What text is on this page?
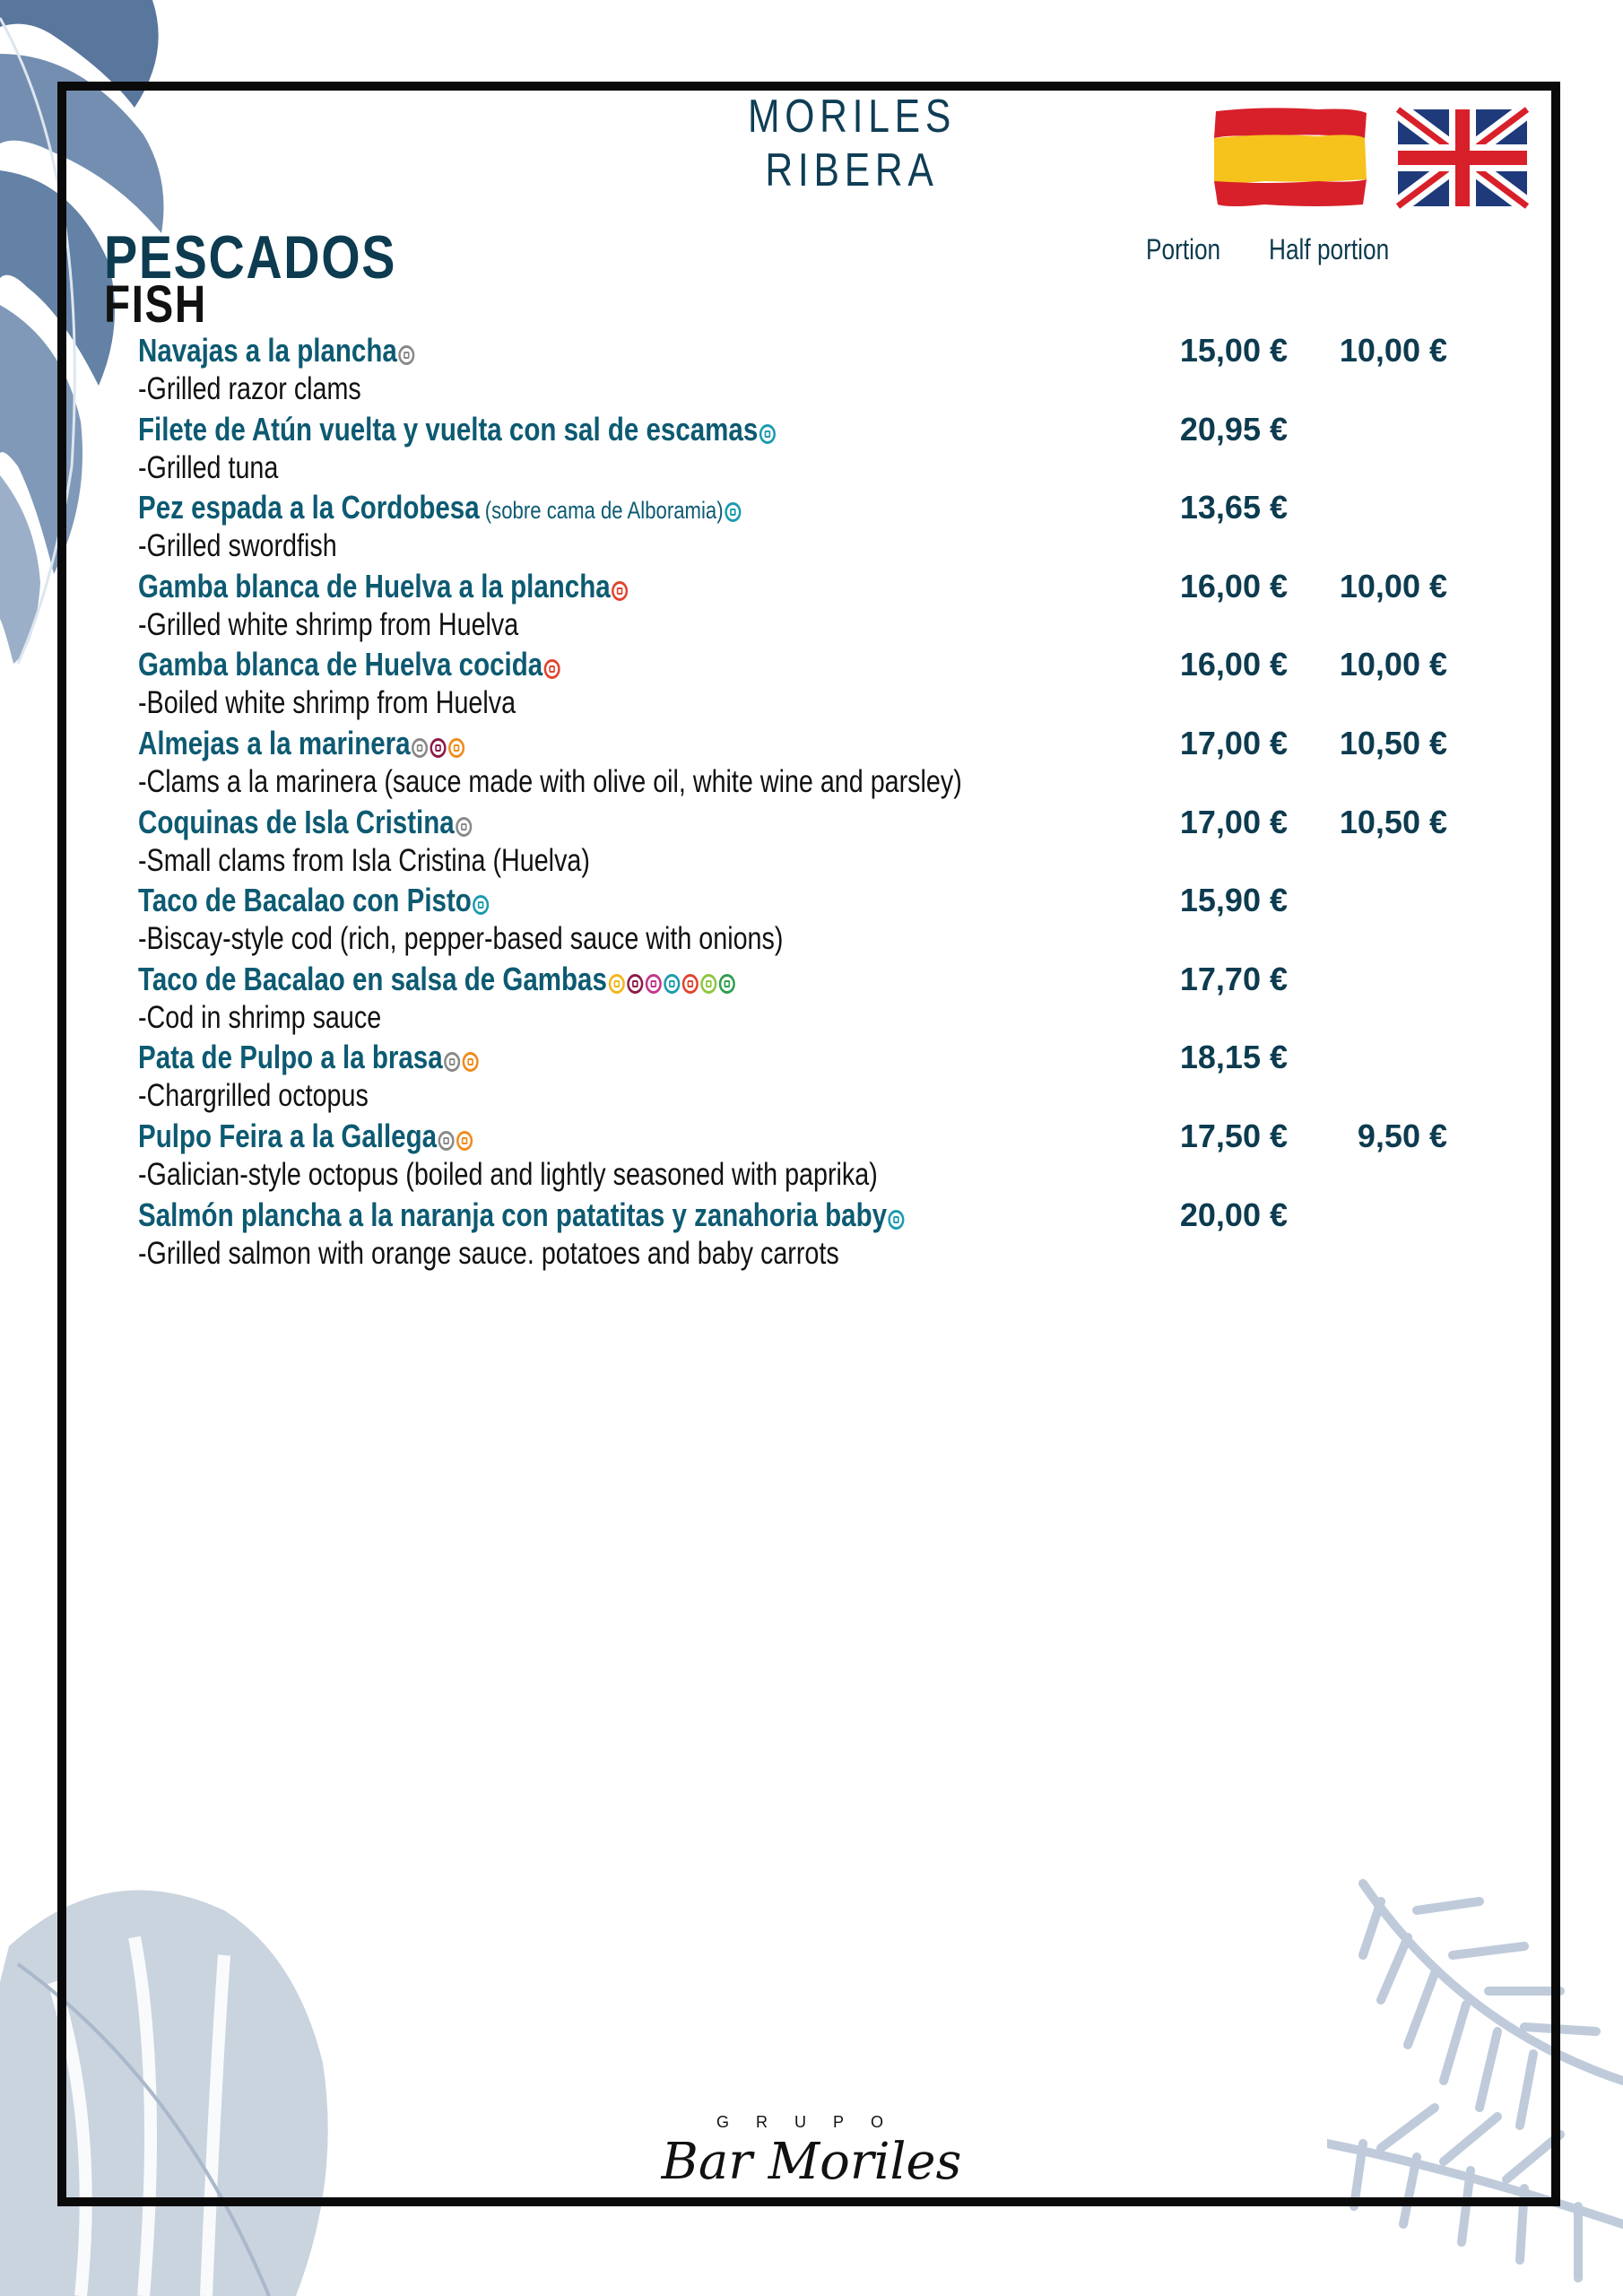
MORILES RIBERA
PESCADOS
FISH
Portion Half portion
Navajas a la plancha
-Grilled razor clams
15,00 €	10,00 €
Filete de Atún vuelta y vuelta con sal de escamas
-Grilled tuna
20,95 €
Pez espada a la Cordobesa (sobre cama de Alboramia)
-Grilled swordfish
13,65 €
Gamba blanca de Huelva a la plancha
-Grilled white shrimp from Huelva
16,00 €	10,00 €
Gamba blanca de Huelva cocida
-Boiled white shrimp from Huelva
16,00 €	10,00 €
Almejas a la marinera
-Clams a la marinera (sauce made with olive oil, white wine and parsley)
17,00 €	10,50 €
Coquinas de Isla Cristina
-Small clams from Isla Cristina (Huelva)
17,00 €	10,50 €
Taco de Bacalao con Pisto
-Biscay-style cod (rich, pepper-based sauce with onions)
15,90 €
Taco de Bacalao en salsa de Gambas
-Cod in shrimp sauce
17,70 €
Pata de Pulpo a la brasa
-Chargrilled octopus
18,15 €
Pulpo Feira a la Gallega
-Galician-style octopus (boiled and lightly seasoned with paprika)
17,50 €	9,50 €
Salmón plancha a la naranja con patatitas y zanahoria baby
-Grilled salmon with orange sauce. potatoes and baby carrots
20,00 €
GRUPO
Bar Moriles
